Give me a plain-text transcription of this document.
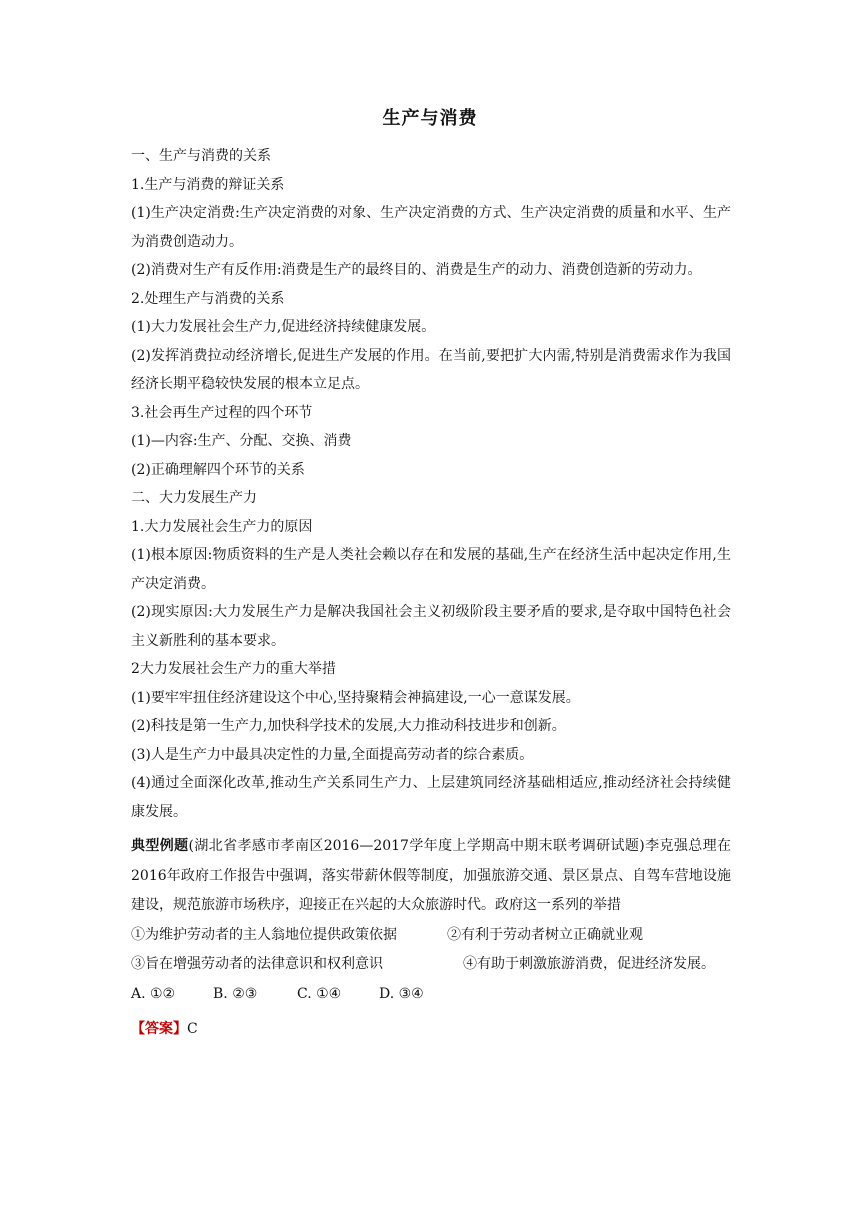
生产与消费
一、生产与消费的关系
1.生产与消费的辩证关系
(1)生产决定消费:生产决定消费的对象、生产决定消费的方式、生产决定消费的质量和水平、生产为消费创造动力。
(2)消费对生产有反作用:消费是生产的最终目的、消费是生产的动力、消费创造新的劳动力。
2.处理生产与消费的关系
(1)大力发展社会生产力,促进经济持续健康发展。
(2)发挥消费拉动经济增长,促进生产发展的作用。在当前,要把扩大内需,特别是消费需求作为我国经济长期平稳较快发展的根本立足点。
3.社会再生产过程的四个环节
(1)—内容:生产、分配、交换、消费
(2)正确理解四个环节的关系
二、大力发展生产力
1.大力发展社会生产力的原因
(1)根本原因:物质资料的生产是人类社会赖以存在和发展的基础,生产在经济生活中起决定作用,生产决定消费。
(2)现实原因:大力发展生产力是解决我国社会主义初级阶段主要矛盾的要求,是夺取中国特色社会主义新胜利的基本要求。
2大力发展社会生产力的重大举措
(1)要牢牢扭住经济建设这个中心,坚持聚精会神搞建设,一心一意谋发展。
(2)科技是第一生产力,加快科学技术的发展,大力推动科技进步和创新。
(3)人是生产力中最具决定性的力量,全面提高劳动者的综合素质。
(4)通过全面深化改革,推动生产关系同生产力、上层建筑同经济基础相适应,推动经济社会持续健康发展。
典型例题(湖北省孝感市孝南区2016—2017学年度上学期高中期末联考调研试题)李克强总理在2016年政府工作报告中强调，落实带薪休假等制度，加强旅游交通、景区景点、自驾车营地设施建设，规范旅游市场秩序，迎接正在兴起的大众旅游时代。政府这一系列的举措
①为维护劳动者的主人翁地位提供政策依据	②有利于劳动者树立正确就业观
③旨在增强劳动者的法律意识和权利意识	④有助于刺激旅游消费，促进经济发展。
A. ①②	B. ②③	C. ①④	D. ③④
【答案】C
